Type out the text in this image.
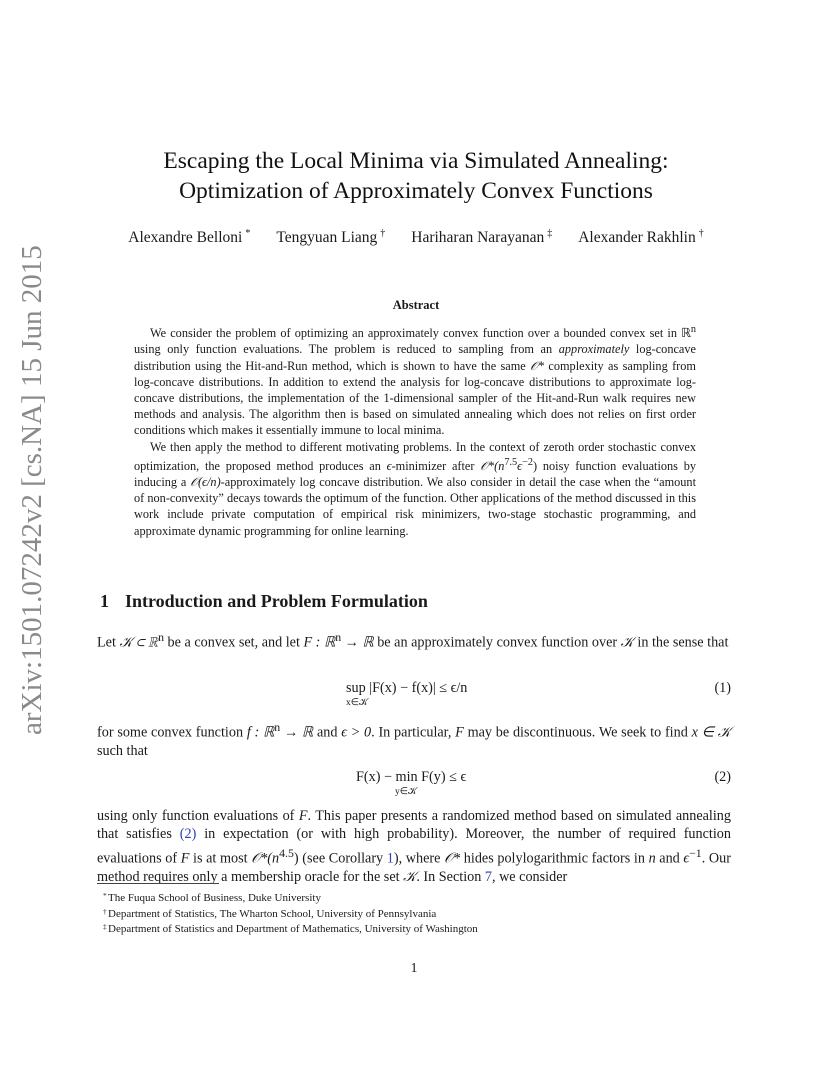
arXiv:1501.07242v2 [cs.NA] 15 Jun 2015
Escaping the Local Minima via Simulated Annealing:
Optimization of Approximately Convex Functions
Alexandre Belloni * Tengyuan Liang † Hariharan Narayanan ‡ Alexander Rakhlin †
Abstract

We consider the problem of optimizing an approximately convex function over a bounded convex set in ℝ$^n$ using only function evaluations. The problem is reduced to sampling from an approximately log-concave distribution using the Hit-and-Run method, which is shown to have the same 𝒪* complexity as sampling from log-concave distributions. In addition to extend the analysis for log-concave distributions to approximate log-concave distributions, the implementation of the 1-dimensional sampler of the Hit-and-Run walk requires new methods and analysis. The algorithm then is based on simulated annealing which does not relies on first order conditions which makes it essentially immune to local minima.

We then apply the method to different motivating problems. In the context of zeroth order stochastic convex optimization, the proposed method produces an ϵ-minimizer after $𝒪*(n^{7.5}\epsilon^{-2})$ noisy function evaluations by inducing a 𝒪(ϵ/n)-approximately log concave distribution. We also consider in detail the case when the “amount of non-convexity” decays towards the optimum of the function. Other applications of the method discussed in this work include private computation of empirical risk minimizers, two-stage stochastic programming, and approximate dynamic programming for online learning.

1 Introduction and Problem Formulation
Let 𝒦 ⊂ ℝ$^n$ be a convex set, and let F : ℝ$^n$ → ℝ be an approximately convex function over 𝒦 in the sense that
sup |F(x) − f(x)| ≤ ϵ/n
x∈𝒦
(1)
for some convex function f : ℝ$^n$ → ℝ and ϵ > 0. In particular, F may be discontinuous. We seek to find x ∈ 𝒦 such that
F(x) − min F(y) ≤ ϵ
y∈𝒦
(2)
using only function evaluations of F. This paper presents a randomized method based on simulated annealing that satisfies (2) in expectation (or with high probability). Moreover, the number of required function evaluations of F is at most $𝒪*(n^{4.5})$ (see Corollary 1), where 𝒪* hides polylogarithmic factors in n and $\epsilon^{-1}$. Our method requires only a membership oracle for the set 𝒦. In Section 7, we consider
* The Fuqua School of Business, Duke University
† Department of Statistics, The Wharton School, University of Pennsylvania
‡ Department of Statistics and Department of Mathematics, University of Washington
1
